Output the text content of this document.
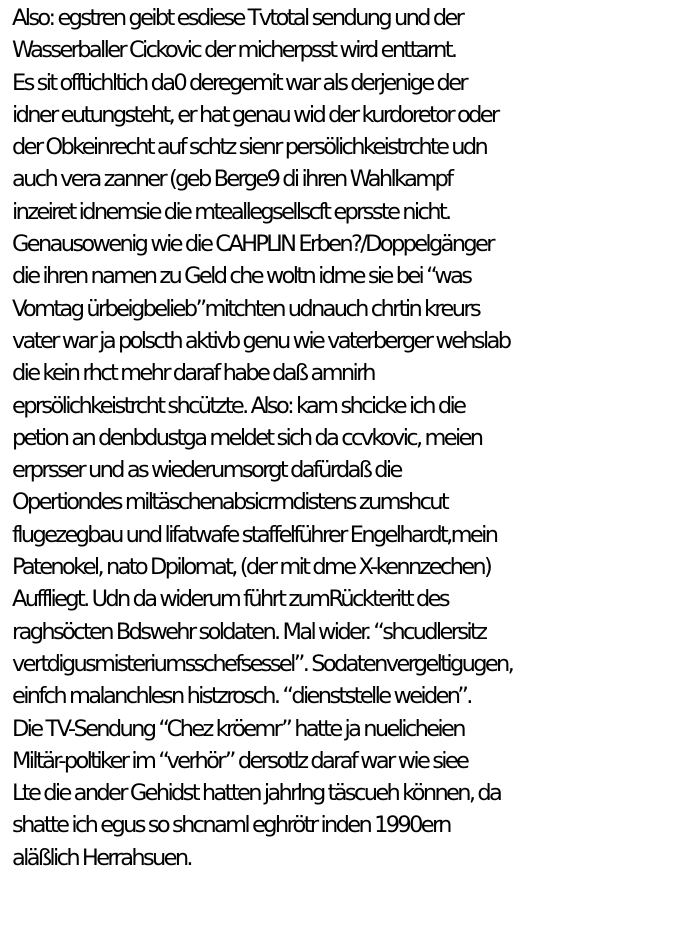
Also: egstren geibt esdiese Tvtotal sendung und der
Wasserballer Cickovic der micherpsst wird enttarnt.
Es sit offtichltich da0 deregemit war als derjenige der
idner eutungsteht, er hat genau wid der kurdoretor oder
der Obkeinrecht auf schtz sienr persölichkeistrchte udn
auch vera zanner (geb Berge9 di ihren Wahlkampf
inzeiret idnemsie die mteallegsellscft eprsste nicht.
Genausowenig wie die CAHPLIN Erben?/Doppelgänger
die ihren namen zu Geld che woltn idme sie bei “was
Vomtag ürbeigbelieb”mitchten udnauch chrtin kreurs
vater war ja polscth aktivb genu wie vaterberger wehslab
die kein rhct mehr daraf habe daß amnirh
eprsölichkeistrcht shcützte. Also: kam shcicke ich die
petion an denbdustga meldet sich da ccvkovic, meien
erprsser und as wiederumsorgt dafürdaß die
Opertiondes miltäschenabsicrmdistens zumshcut
flugezegbau und lifatwafe staffelführer Engelhardt,mein
Patenokel, nato Dpilomat, (der mit dme X-kennzechen)
Auffliegt. Udn da widerum führt zumRückteritt des
raghsöcten Bdswehr soldaten. Mal wider. “shcudlersitz
vertdigusmisteriumsschefsessel”. Sodatenvergeltigugen,
einfch malanchlesn histzrosch. “dienststelle weiden”.
Die TV-Sendung “Chez kröemr” hatte ja nuelicheien
Miltär-poltiker im “verhör” dersotlz daraf war wie siee
Lte die ander Gehidst hatten jahrlng täscueh können, da
shatte ich egus so shcnaml eghrötr inden 1990ern
aläßlich Herrahsuen.
